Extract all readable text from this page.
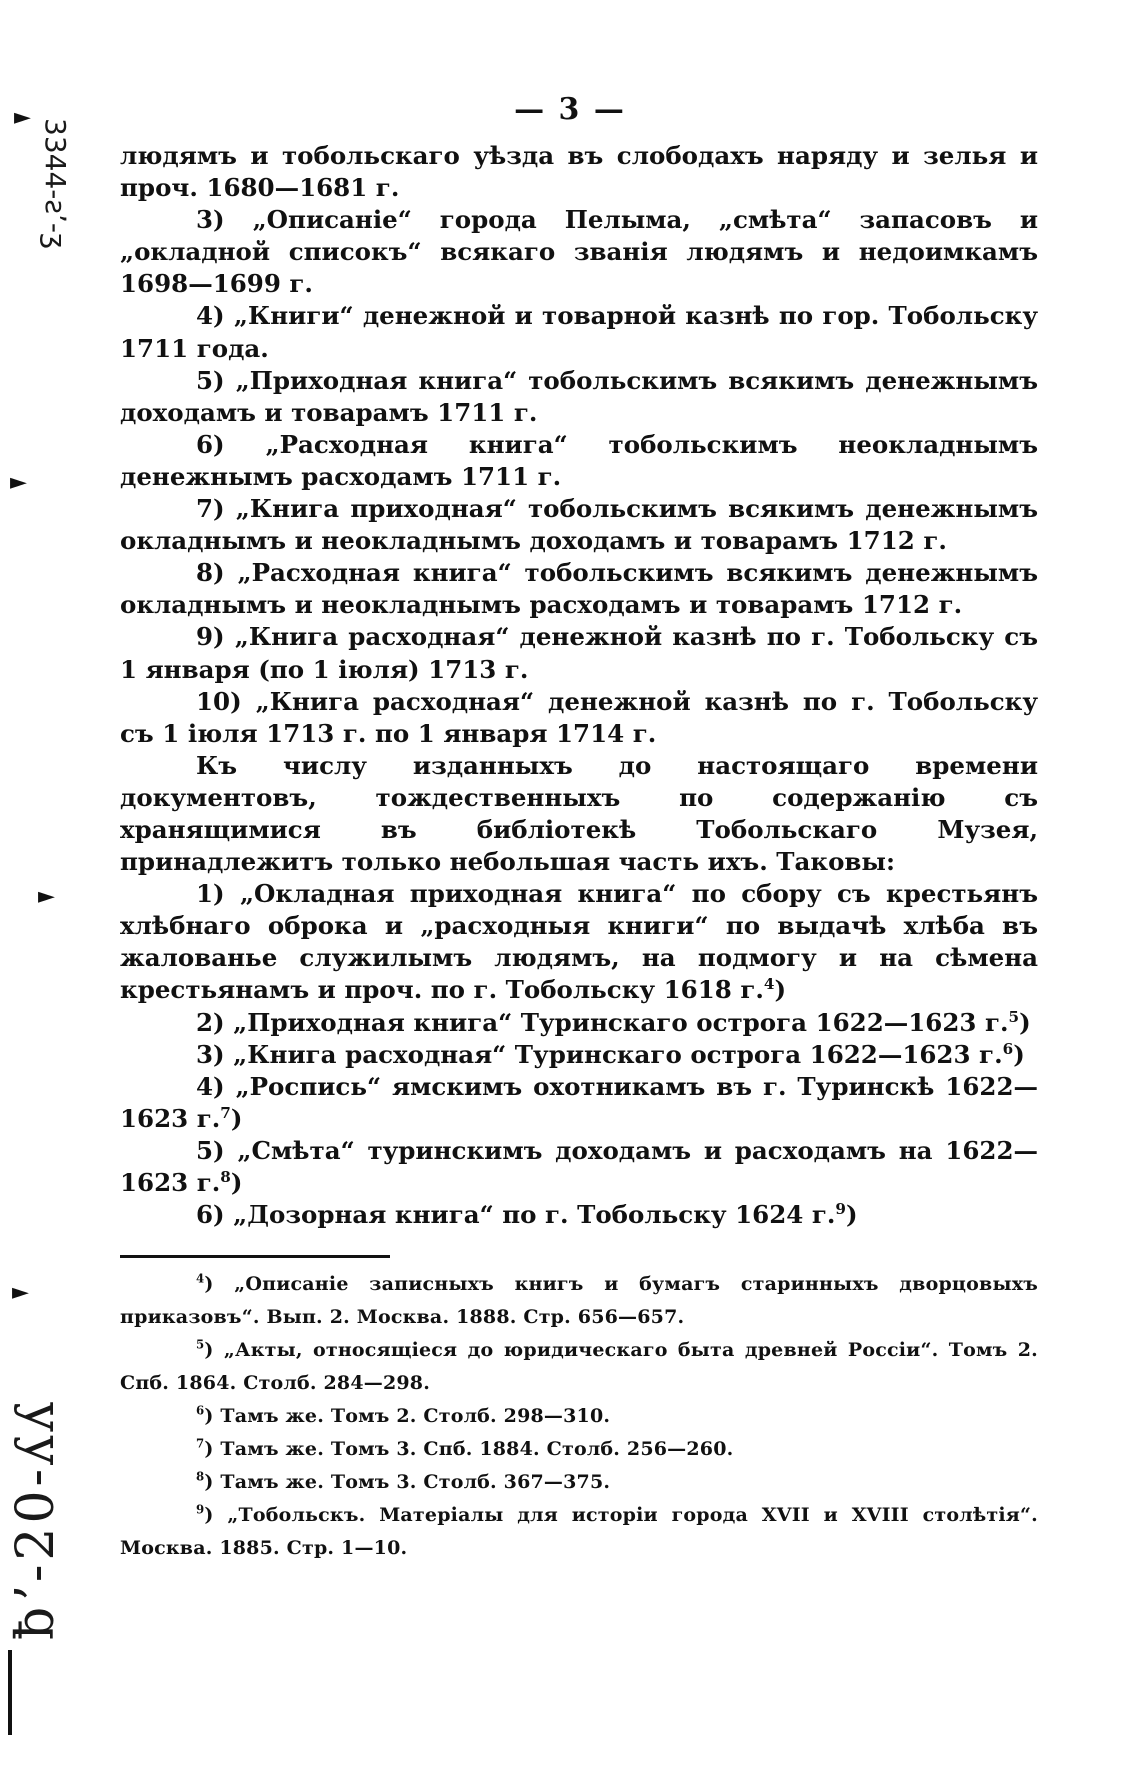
— 3 —

людямъ и тобольскаго уѣзда въ слободахъ наряду и зелья и проч. 1680—1681 г.

3) „Описаніе“ города Пелыма, „смѣта“ запасовъ и „окладной списокъ“ всякаго званія людямъ и недоимкамъ 1698—1699 г.

4) „Книги“ денежной и товарной казнѣ по гор. Тобольску 1711 года.

5) „Приходная книга“ тобольскимъ всякимъ денежнымъ доходамъ и товарамъ 1711 г.

6) „Расходная книга“ тобольскимъ неокладнымъ денежнымъ расходамъ 1711 г.

7) „Книга приходная“ тобольскимъ всякимъ денежнымъ окладнымъ и неокладнымъ доходамъ и товарамъ 1712 г.

8) „Расходная книга“ тобольскимъ всякимъ денежнымъ окладнымъ и неокладнымъ расходамъ и товарамъ 1712 г.

9) „Книга расходная“ денежной казнѣ по г. Тобольску съ 1 января (по 1 іюля) 1713 г.

10) „Книга расходная“ денежной казнѣ по г. Тобольску съ 1 іюля 1713 г. по 1 января 1714 г.

Къ числу изданныхъ до настоящаго времени документовъ, тождественныхъ по содержанію съ хранящимися въ библіотекѣ Тобольскаго Музея, принадлежитъ только небольшая часть ихъ. Таковы:

1) „Окладная приходная книга“ по сбору съ крестьянъ хлѣбнаго оброка и „расходныя книги“ по выдачѣ хлѣба въ жалованье служилымъ людямъ, на подмогу и на сѣмена крестьянамъ и проч. по г. Тобольску 1618 г.$^4$)

2) „Приходная книга“ Туринскаго острога 1622—1623 г.$^5$)

3) „Книга расходная“ Туринскаго острога 1622—1623 г.$^6$)

4) „Роспись“ ямскимъ охотникамъ въ г. Туринскѣ 1622—1623 г.$^7$)

5) „Смѣта“ туринскимъ доходамъ и расходамъ на 1622—1623 г.$^8$)

6) „Дозорная книга“ по г. Тобольску 1624 г.$^9$)

$^4$) „Описаніе записныхъ книгъ и бумагъ старинныхъ дворцовыхъ приказовъ“. Вып. 2. Москва. 1888. Стр. 656—657.

$^5$) „Акты, относящіеся до юридическаго быта древней Россіи“. Томъ 2. Спб. 1864. Столб. 284—298.

$^6$) Тамъ же. Томъ 2. Столб. 298—310.

$^7$) Тамъ же. Томъ 3. Спб. 1884. Столб. 256—260.

$^8$) Тамъ же. Томъ 3. Столб. 367—375.

$^9$) „Тобольскъ. Матеріалы для исторіи города XVII и XVIII столѣтія“. Москва. 1885. Стр. 1—10.

3344-ƨʼ-ʒ
ƀʼ-20-ʎʎ
►
►
►
►
